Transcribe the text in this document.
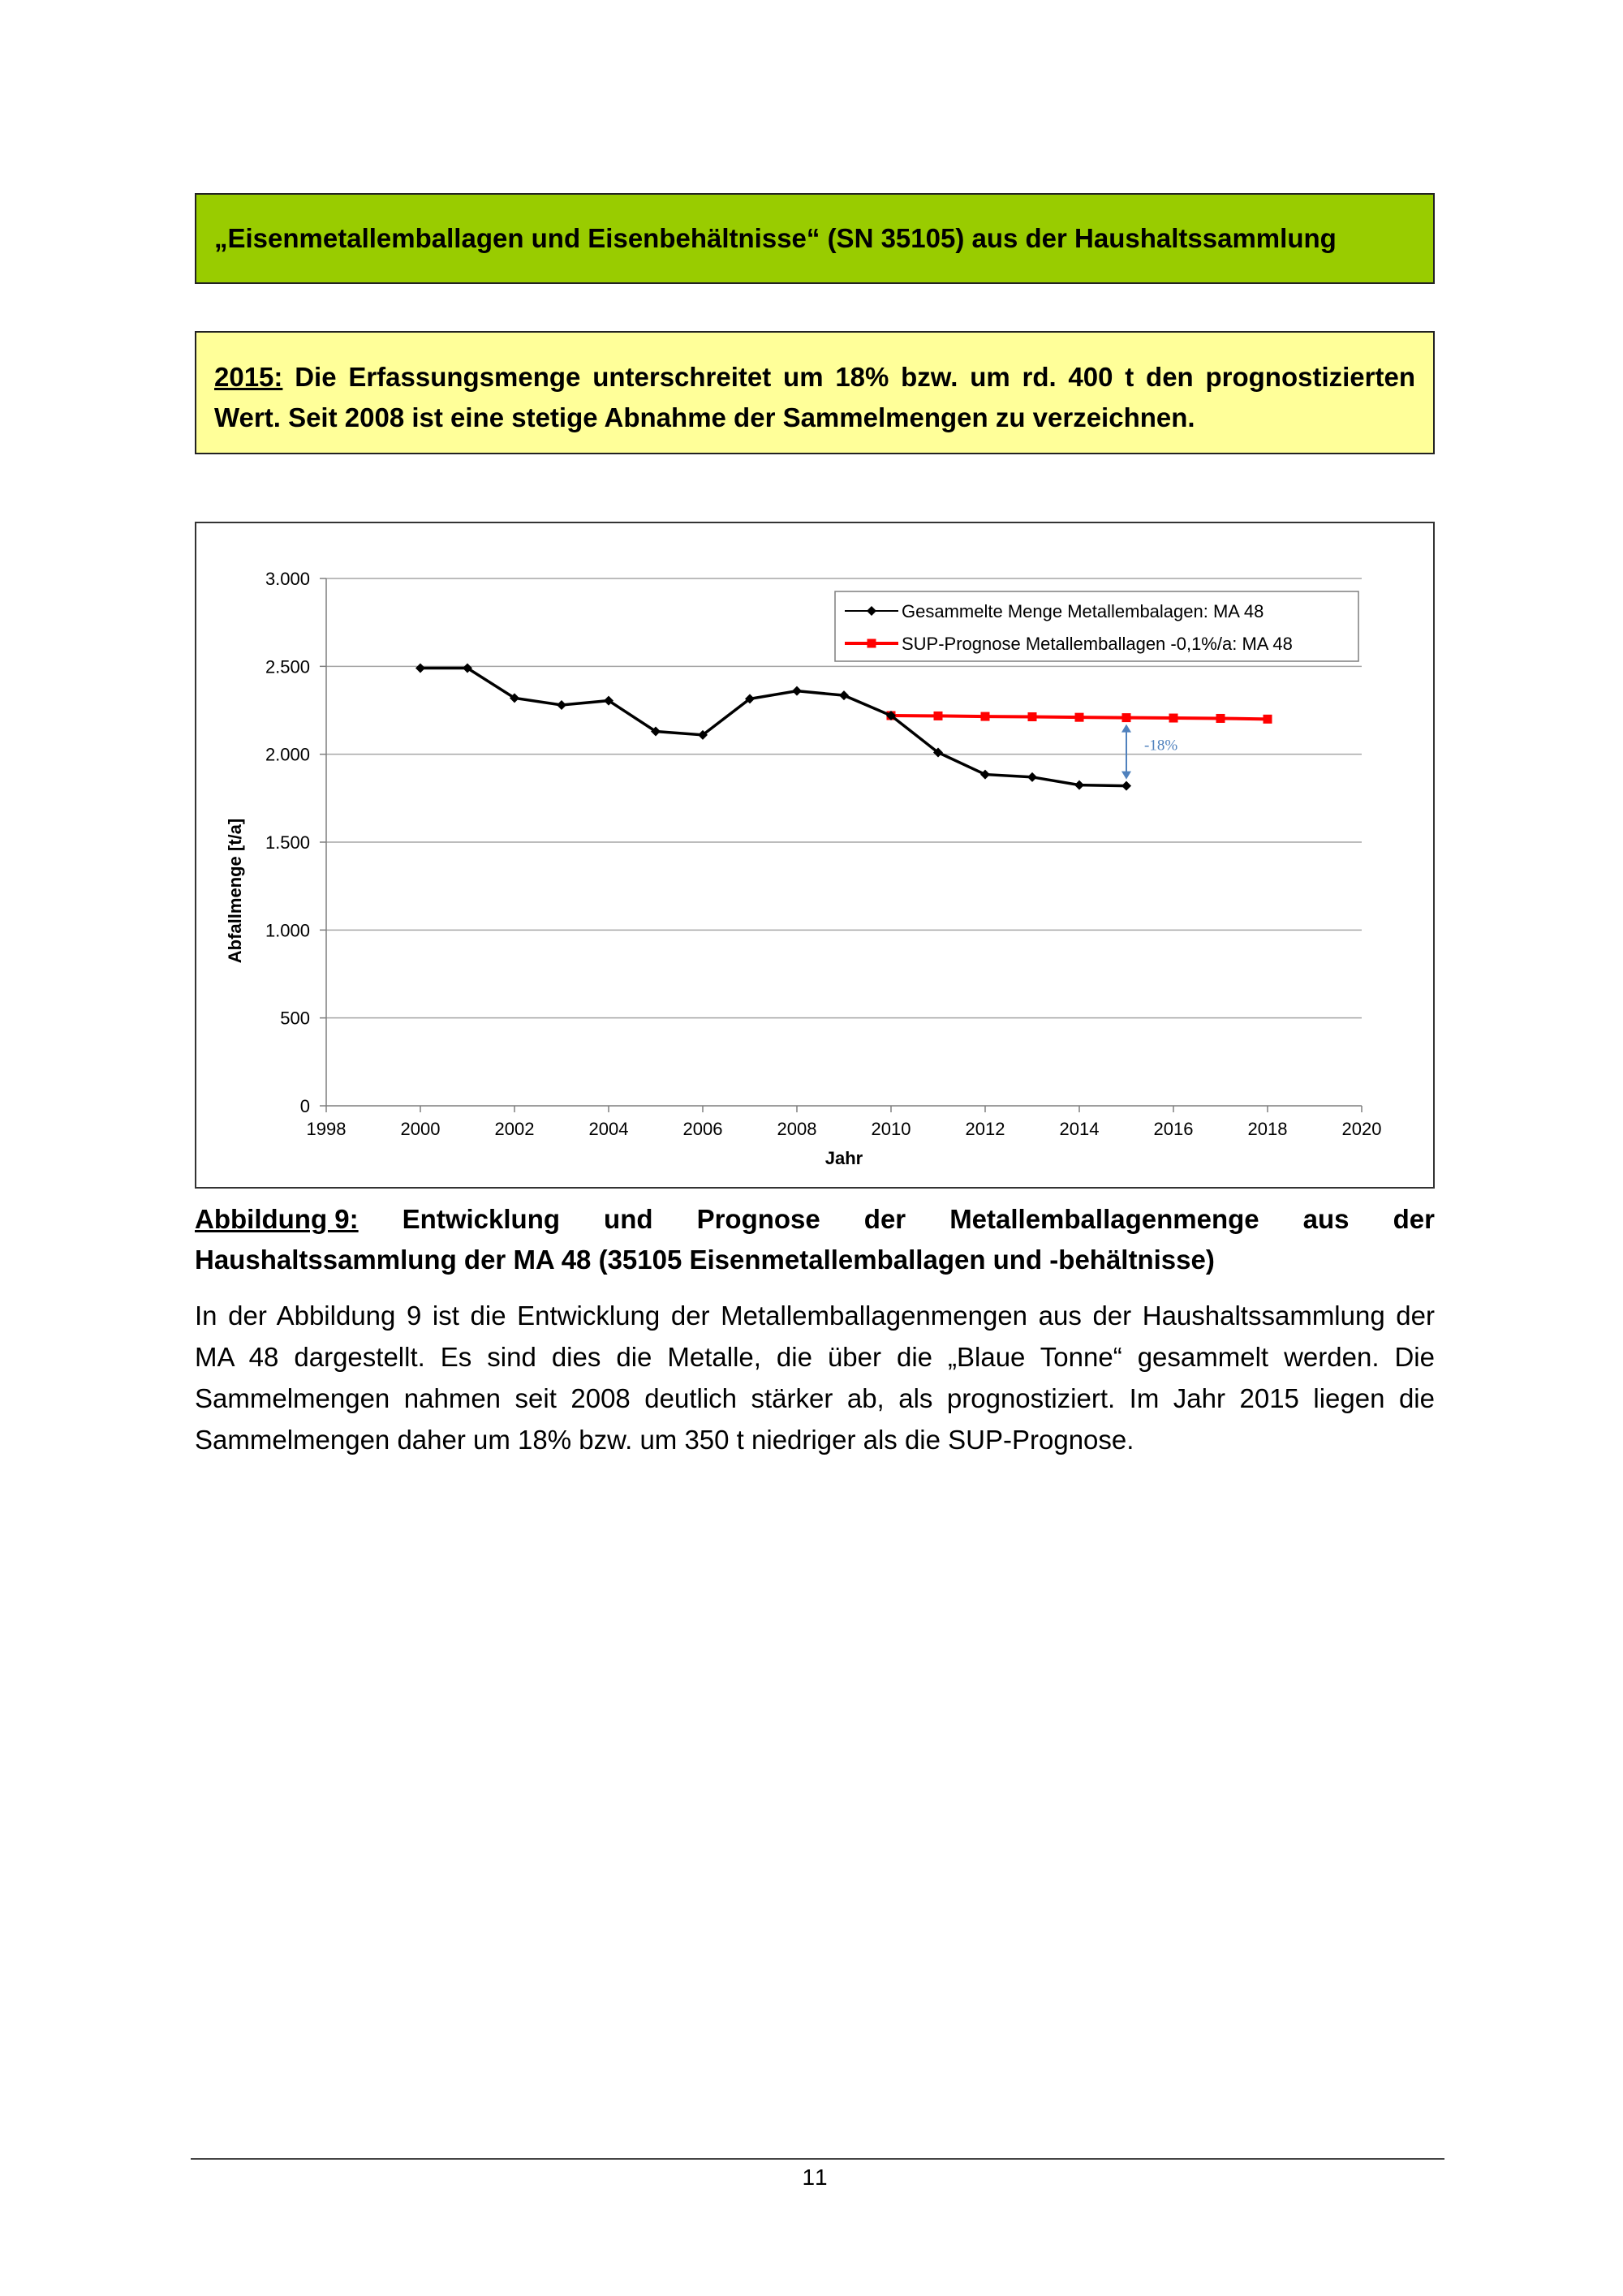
„Eisenmetallemballagen und Eisenbehältnisse“ (SN 35105) aus der Haushaltssammlung
2015: Die Erfassungsmenge unterschreitet um 18% bzw. um rd. 400 t den prognostizierten Wert. Seit 2008 ist eine stetige Abnahme der Sammelmengen zu verzeichnen.
0
500
1.000
1.500
2.000
2.500
3.000
1998	2000	2002	2004	2006	2008	2010	2012	2014	2016	2018	2020
Jahr
Abfallmenge [t/a]
-18%
Gesammelte Menge Metallembalagen: MA 48
SUP-Prognose Metallemballagen -0,1%/a: MA 48
Abbildung 9: Entwicklung und Prognose der Metallemballagenmenge aus der
Haushaltssammlung der MA 48 (35105 Eisenmetallemballagen und -behältnisse)
In der Abbildung 9 ist die Entwicklung der Metallemballagenmengen aus der Haushaltssammlung der MA 48 dargestellt. Es sind dies die Metalle, die über die „Blaue Tonne“ gesammelt werden. Die Sammelmengen nahmen seit 2008 deutlich stärker ab, als prognostiziert. Im Jahr 2015 liegen die Sammelmengen daher um 18% bzw. um 350 t niedriger als die SUP-Prognose.
11
